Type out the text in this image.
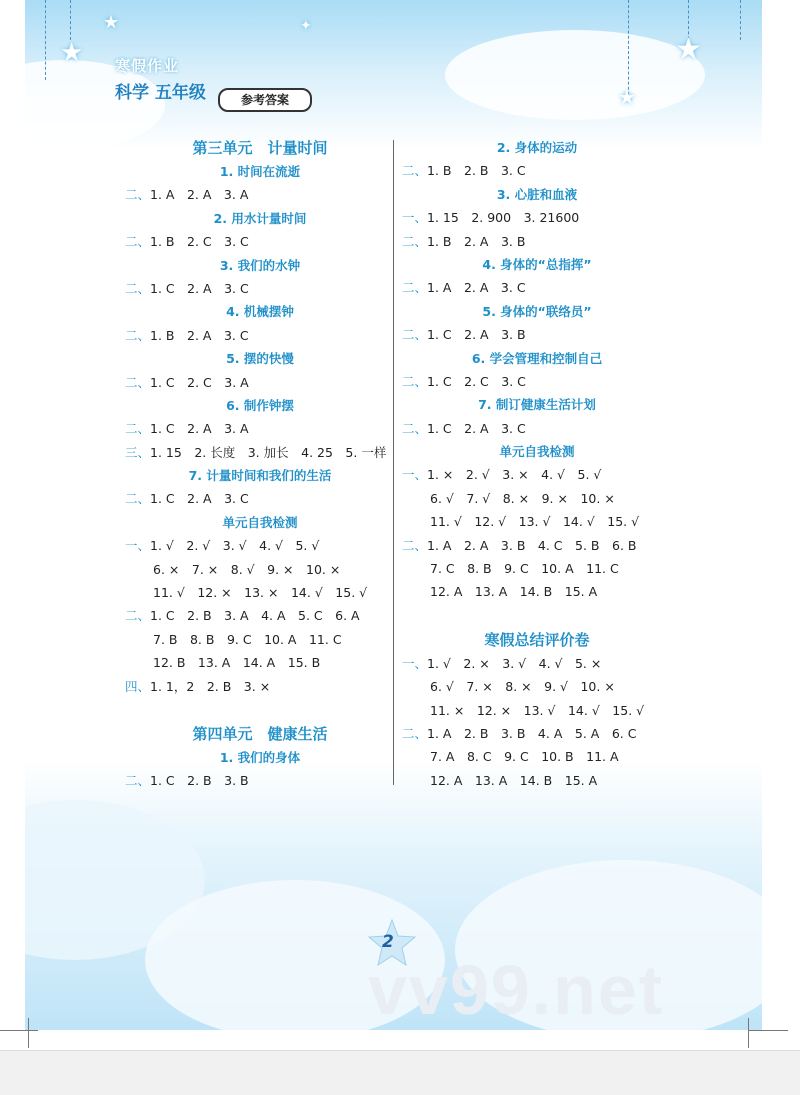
★
★
★
★
✦
寒假作业
科学 五年级	参考答案
第三单元　计量时间
1. 时间在流逝
二、1. A　2. A　3. A
2. 用水计量时间
二、1. B　2. C　3. C
3. 我们的水钟
二、1. C　2. A　3. C
4. 机械摆钟
二、1. B　2. A　3. C
5. 摆的快慢
二、1. C　2. C　3. A
6. 制作钟摆
二、1. C　2. A　3. A
三、1. 15　2. 长度　3. 加长　4. 25　5. 一样
7. 计量时间和我们的生活
二、1. C　2. A　3. C
单元自我检测
一、1. √　2. √　3. √　4. √　5. √
6. ×　7. ×　8. √　9. ×　10. ×
11. √　12. ×　13. ×　14. √　15. √
二、1. C　2. B　3. A　4. A　5. C　6. A
7. B　8. B　9. C　10. A　11. C
12. B　13. A　14. A　15. B
四、1. 1，2　2. B　3. ×
第四单元　健康生活
1. 我们的身体
二、1. C　2. B　3. B
2. 身体的运动
二、1. B　2. B　3. C
3. 心脏和血液
一、1. 15　2. 900　3. 21600
二、1. B　2. A　3. B
4. 身体的“总指挥”
二、1. A　2. A　3. C
5. 身体的“联络员”
二、1. C　2. A　3. B
6. 学会管理和控制自己
二、1. C　2. C　3. C
7. 制订健康生活计划
二、1. C　2. A　3. C
单元自我检测
一、1. ×　2. √　3. ×　4. √　5. √
6. √　7. √　8. ×　9. ×　10. ×
11. √　12. √　13. √　14. √　15. √
二、1. A　2. A　3. B　4. C　5. B　6. B
7. C　8. B　9. C　10. A　11. C
12. A　13. A　14. B　15. A
寒假总结评价卷
一、1. √　2. ×　3. √　4. √　5. ×
6. √　7. ×　8. ×　9. √　10. ×
11. ×　12. ×　13. √　14. √　15. √
二、1. A　2. B　3. B　4. A　5. A　6. C
7. A　8. C　9. C　10. B　11. A
12. A　13. A　14. B　15. A
2
vv99.net
